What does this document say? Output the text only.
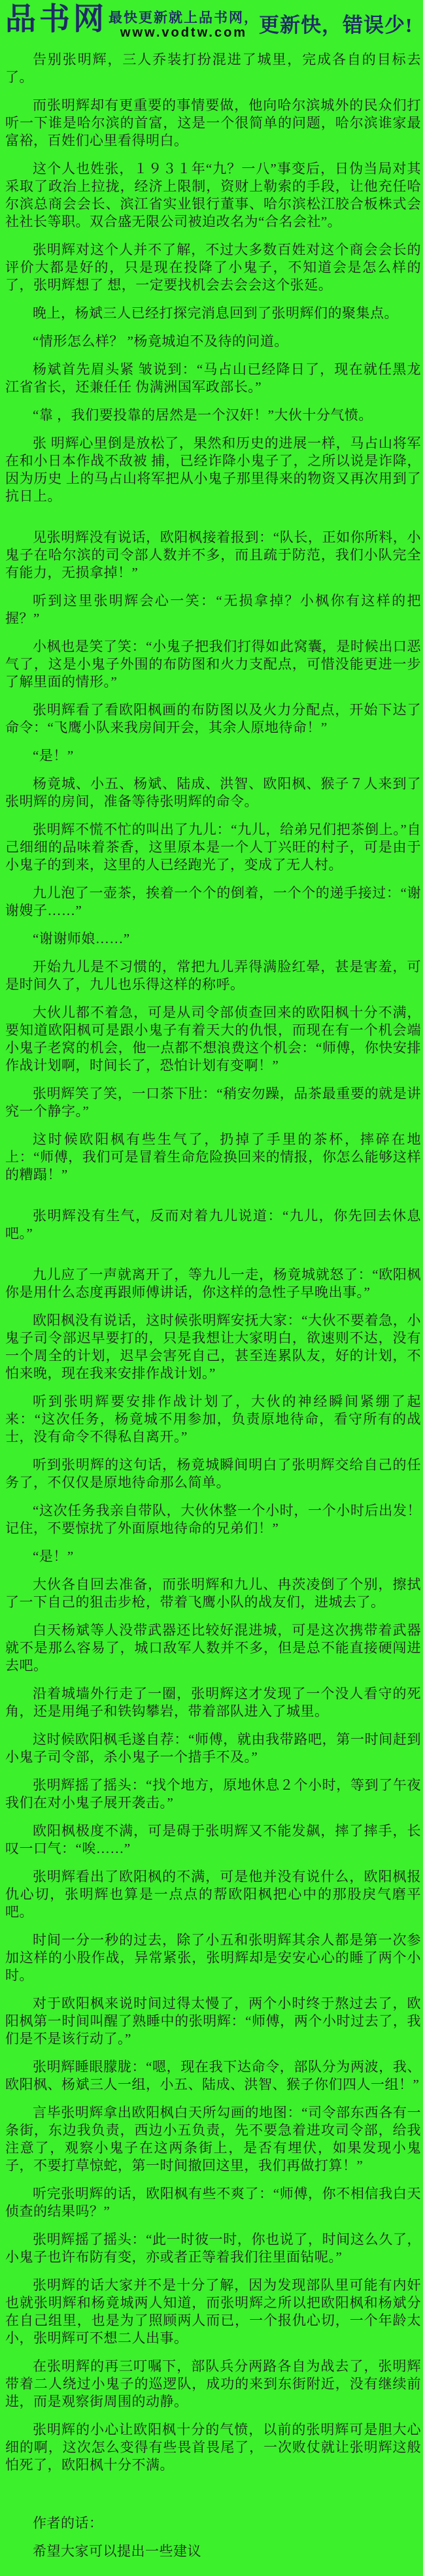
品书网 最快更新就上品书网，
www.vodtw.com 更新快，错误少!

告别张明辉，三人乔装打扮混进了城里，完成各自的目标去了。

而张明辉却有更重要的事情要做，他向哈尔滨城外的民众们打听一下谁是哈尔滨的首富，这是一个很简单的问题，哈尔滨谁家最富裕，百姓们心里看得明白。

这个人也姓张，１９３１年“九？一八”事变后，日伪当局对其采取了政治上拉拢，经济上限制，资财上勒索的手段，让他充任哈尔滨总商会会长、滨江省实业银行董事、哈尔滨松江胶合板株式会社社长等职。双合盛无限公司被迫改名为“合名会社”。

张明辉对这个人并不了解，不过大多数百姓对这个商会会长的评价大都是好的，只是现在投降了小鬼子，不知道会是怎么样的了，张明辉想了 想，一定要找机会去会会这个张延。

晚上，杨斌三人已经打探完消息回到了张明辉们的聚集点。

“情形怎么样？ ”杨竟城迫不及待的问道。

杨斌首先眉头紧 皱说到：“马占山已经降日了，现在就任黑龙江省省长，还兼任任 伪满洲国军政部长。”

“靠 ，我们要投靠的居然是一个汉奸！”大伙十分气愤。

张 明辉心里倒是放松了，果然和历史的进展一样，马占山将军在和小日本作战不敌被 捕，已经诈降小鬼子了，之所以说是诈降，因为历史 上的马占山将军把从小鬼子那里得来的物资又再次用到了抗日上。

见张明辉没有说话，欧阳枫接着报到：“队长，正如你所料，小鬼子在哈尔滨的司令部人数并不多，而且疏于防范，我们小队完全有能力，无损拿掉！”

听到这里张明辉会心一笑：“无损拿掉？小枫你有这样的把握？”

小枫也是笑了笑：“小鬼子把我们打得如此窝囊，是时候出口恶气了，这是小鬼子外围的布防图和火力支配点，可惜没能更进一步了解里面的情形。”

张明辉看了看欧阳枫画的布防图以及火力分配点，开始下达了命令：“飞鹰小队来我房间开会，其余人原地待命！”

“是！”

杨竟城、小五、杨斌、陆成、洪智、欧阳枫、猴子７人来到了张明辉的房间，准备等待张明辉的命令。

张明辉不慌不忙的叫出了九儿：“九儿，给弟兄们把茶倒上。”自己细细的品味着茶香，这里原本是一个人丁兴旺的村子，可是由于小鬼子的到来，这里的人已经跑光了，变成了无人村。

九儿泡了一壶茶，挨着一个个的倒着，一个个的递手接过：“谢谢嫂子……”

“谢谢师娘……”

开始九儿是不习惯的，常把九儿弄得满脸红晕，甚是害羞，可是时间久了，九儿也乐得这样的称呼。

大伙儿都不着急，可是从司令部侦查回来的欧阳枫十分不满，要知道欧阳枫可是跟小鬼子有着天大的仇恨，而现在有一个机会端小鬼子老窝的机会，他一点都不想浪费这个机会：“师傅，你快安排作战计划啊，时间长了，恐怕计划有变啊！”

张明辉笑了笑，一口茶下肚：“稍安勿躁，品茶最重要的就是讲究一个静字。”

这时候欧阳枫有些生气了，扔掉了手里的茶杯，摔碎在地上：“师傅，我们可是冒着生命危险换回来的情报，你怎么能够这样的糟蹋！”

张明辉没有生气，反而对着九儿说道：“九儿，你先回去休息吧。”

九儿应了一声就离开了，等九儿一走，杨竟城就怒了：“欧阳枫你是用什么态度再跟师傅讲话，你这样的急性子早晚出事。”

欧阳枫没有说话，这时候张明辉安抚大家：“大伙不要着急，小鬼子司令部迟早要打的，只是我想让大家明白，欲速则不达，没有一个周全的计划，迟早会害死自己，甚至连累队友，好的计划，不怕来晚，现在我来安排作战计划。”

听到张明辉要安排作战计划了，大伙的神经瞬间紧绷了起来：“这次任务，杨竟城不用参加，负责原地待命，看守所有的战士，没有命令不得私自离开。”

听到张明辉的这句话，杨竟城瞬间明白了张明辉交给自己的任务了，不仅仅是原地待命那么简单。

“这次任务我亲自带队，大伙休整一个小时，一个小时后出发！记住，不要惊扰了外面原地待命的兄弟们！”

“是！”

大伙各自回去准备，而张明辉和九儿、冉茨凌倒了个别，擦拭了一下自己的狙击步枪，带着飞鹰小队的战友们，进城去了。

白天杨斌等人没带武器还比较好混进城，可是这次携带着武器就不是那么容易了，城口敌军人数并不多，但是总不能直接硬闯进去吧。

沿着城墙外行走了一圈，张明辉这才发现了一个没人看守的死角，还是用绳子和铁钩攀岩，带着部队进入了城里。

这时候欧阳枫毛遂自荐：“师傅，就由我带路吧，第一时间赶到小鬼子司令部，杀小鬼子一个措手不及。”

张明辉摇了摇头：“找个地方，原地休息２个小时，等到了午夜我们在对小鬼子展开袭击。”

欧阳枫极度不满，可是碍于张明辉又不能发飙，摔了摔手，长叹一口气：“唉……”

张明辉看出了欧阳枫的不满，可是他并没有说什么，欧阳枫报仇心切，张明辉也算是一点点的帮欧阳枫把心中的那股戾气磨平吧。

时间一分一秒的过去，除了小五和张明辉其余人都是第一次参加这样的小股作战，异常紧张，张明辉却是安安心心的睡了两个小时。

对于欧阳枫来说时间过得太慢了，两个小时终于熬过去了，欧阳枫第一时间叫醒了熟睡中的张明辉：“师傅，两个小时过去了，我们是不是该行动了。”

张明辉睡眼朦胧：“嗯，现在我下达命令，部队分为两波，我、欧阳枫、杨斌三人一组，小五、陆成、洪智、猴子你们四人一组！”

言毕张明辉拿出欧阳枫白天所勾画的地图：“司令部东西各有一条街，东边我负责，西边小五负责，先不要急着进攻司令部，给我注意了，观察小鬼子在这两条街上，是否有埋伏，如果发现小鬼子，不要打草惊蛇，第一时间撤回这里，我们再做打算！”

听完张明辉的话，欧阳枫有些不爽了：“师傅，你不相信我白天侦查的结果吗？”

张明辉摇了摇头：“此一时彼一时，你也说了，时间这么久了，小鬼子也许布防有变，亦或者正等着我们往里面钻呢。”

张明辉的话大家并不是十分了解，因为发现部队里可能有内奸也就张明辉和杨竟城两人知道，而张明辉之所以把欧阳枫和杨斌分在自己组里，也是为了照顾两人而已，一个报仇心切，一个年龄太小，张明辉可不想二人出事。

在张明辉的再三叮嘱下，部队兵分两路各自为战去了，张明辉带着二人绕过小鬼子的巡逻队，成功的来到东街附近，没有继续前进，而是观察街周围的动静。

张明辉的小心让欧阳枫十分的气愤，以前的张明辉可是胆大心细的啊，这次怎么变得有些畏首畏尾了，一次败仗就让张明辉这般怕死了，欧阳枫十分不满。

作者的话：

希望大家可以提出一些建议
